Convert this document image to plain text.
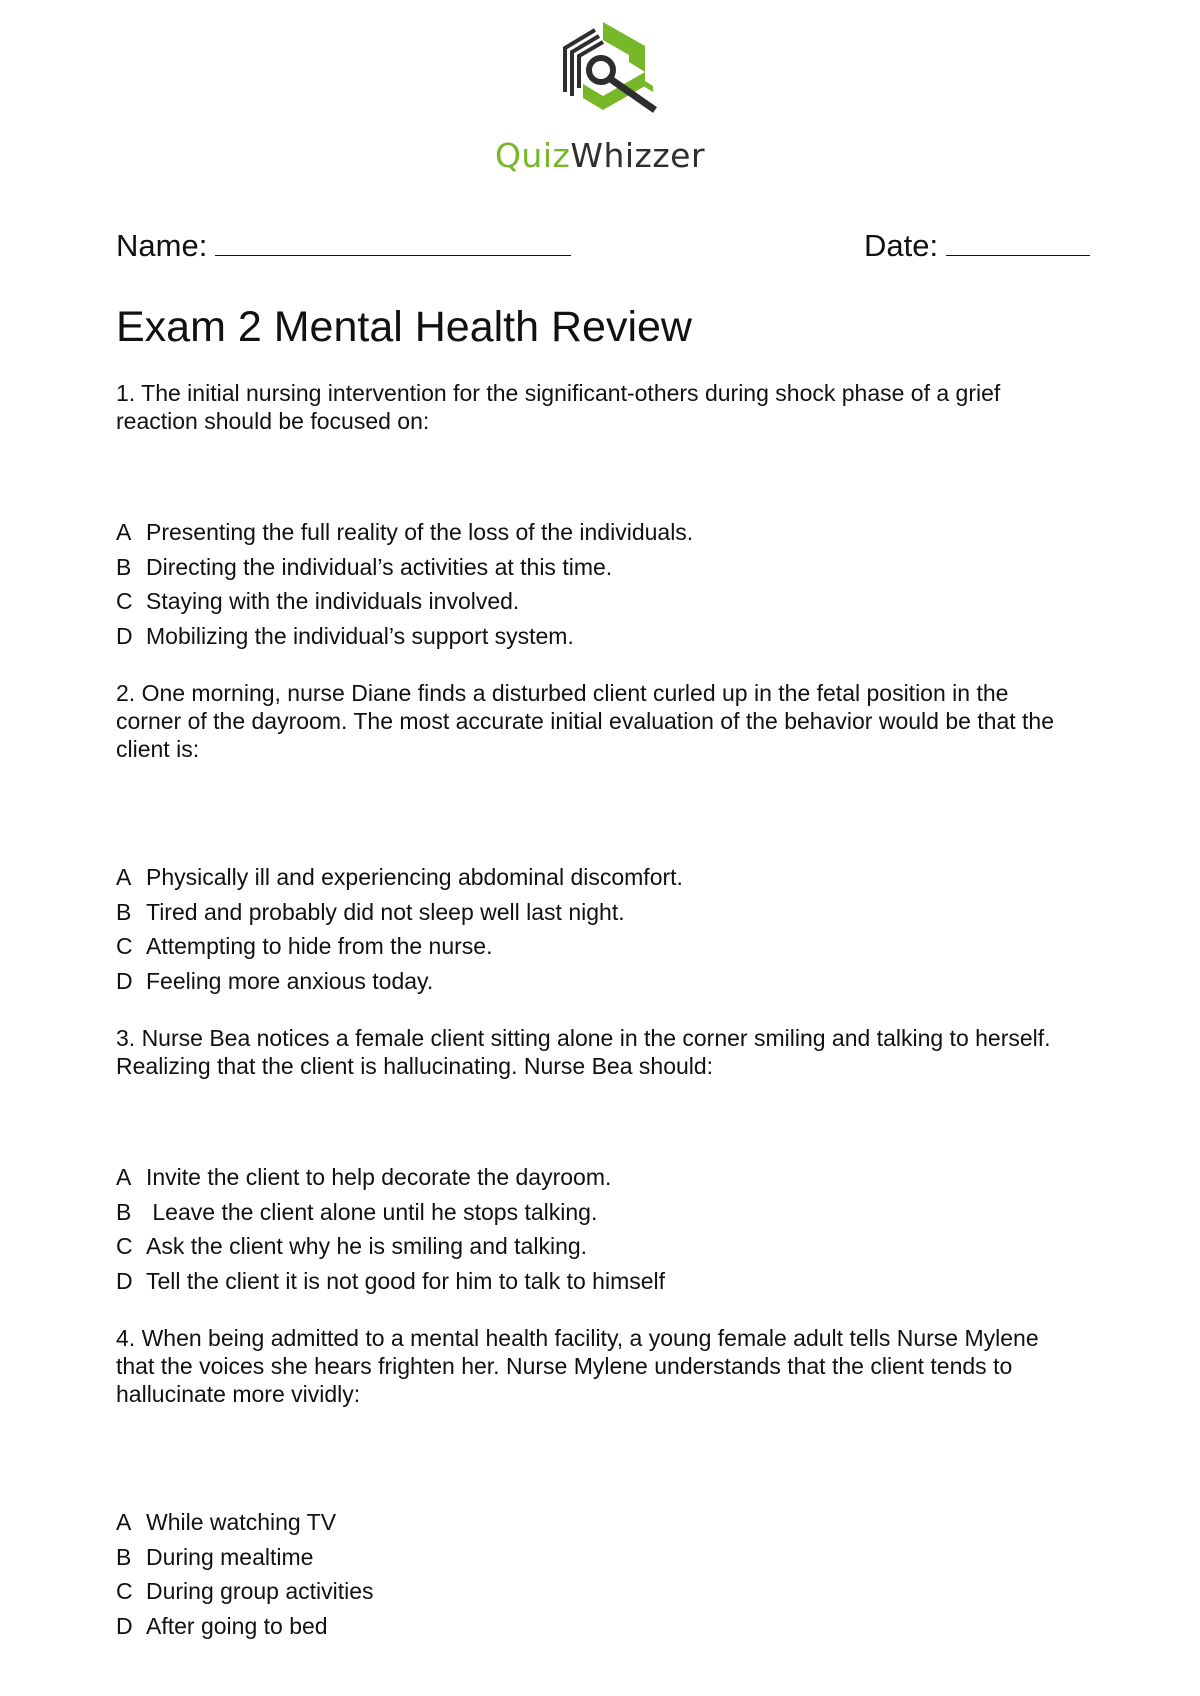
QuizWhizzer
Name:	Date:
Exam 2 Mental Health Review

1. The initial nursing intervention for the significant-others during shock phase of a grief reaction should be focused on:

A Presenting the full reality of the loss of the individuals.
B Directing the individual’s activities at this time.
C Staying with the individuals involved.
D Mobilizing the individual’s support system.

2. One morning, nurse Diane finds a disturbed client curled up in the fetal position in the corner of the dayroom. The most accurate initial evaluation of the behavior would be that the client is:

A Physically ill and experiencing abdominal discomfort.
B Tired and probably did not sleep well last night.
C Attempting to hide from the nurse.
D Feeling more anxious today.

3. Nurse Bea notices a female client sitting alone in the corner smiling and talking to herself. Realizing that the client is hallucinating. Nurse Bea should:

A Invite the client to help decorate the dayroom.
B Leave the client alone until he stops talking.
C Ask the client why he is smiling and talking.
D Tell the client it is not good for him to talk to himself

4. When being admitted to a mental health facility, a young female adult tells Nurse Mylene that the voices she hears frighten her. Nurse Mylene understands that the client tends to hallucinate more vividly:

A While watching TV
B During mealtime
C During group activities
D After going to bed
